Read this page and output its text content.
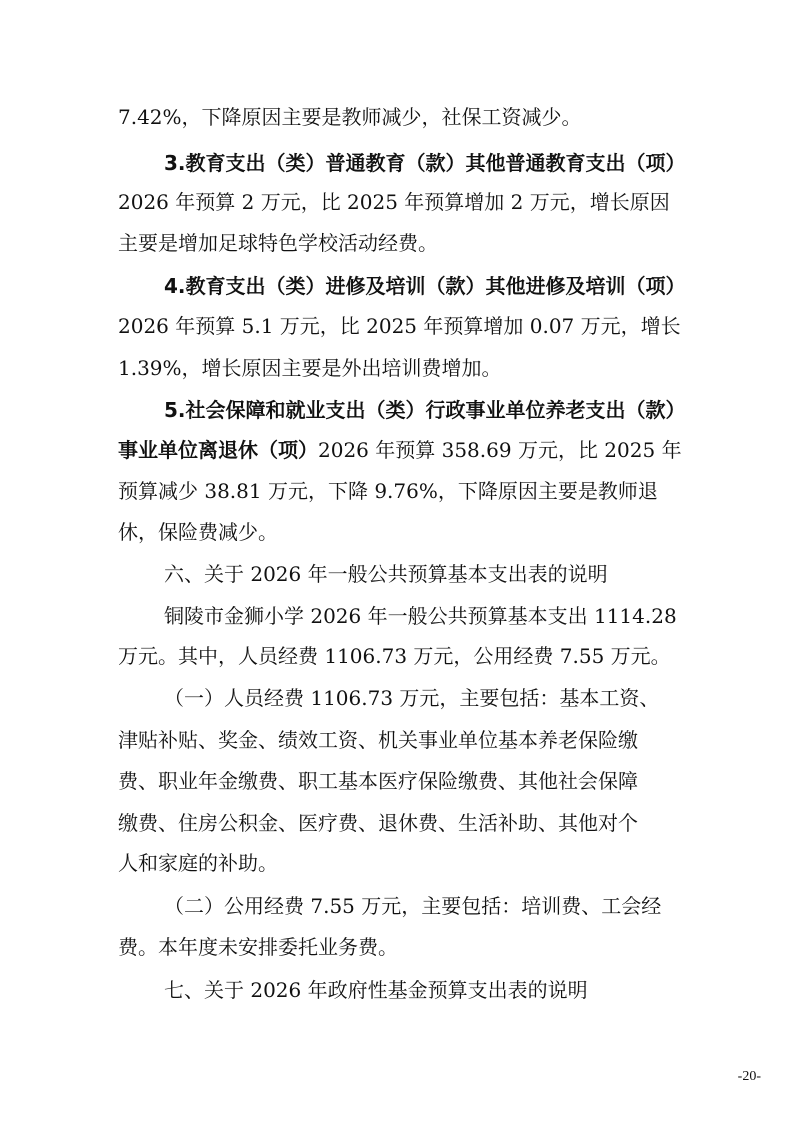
7.42%，下降原因主要是教师减少，社保工资减少。
3.教育支出（类）普通教育（款）其他普通教育支出（项）
2026 年预算 2 万元，比 2025 年预算增加 2 万元，增长原因
主要是增加足球特色学校活动经费。
4.教育支出（类）进修及培训（款）其他进修及培训（项）
2026 年预算 5.1 万元，比 2025 年预算增加 0.07 万元，增长
1.39%，增长原因主要是外出培训费增加。
5.社会保障和就业支出（类）行政事业单位养老支出（款）
事业单位离退休（项）2026 年预算 358.69 万元，比 2025 年
预算减少 38.81 万元，下降 9.76%，下降原因主要是教师退
休，保险费减少。
六、关于 2026 年一般公共预算基本支出表的说明
铜陵市金狮小学 2026 年一般公共预算基本支出 1114.28
万元。其中，人员经费 1106.73 万元，公用经费 7.55 万元。
（一）人员经费 1106.73 万元，主要包括：基本工资、
津贴补贴、奖金、绩效工资、机关事业单位基本养老保险缴
费、职业年金缴费、职工基本医疗保险缴费、其他社会保障
缴费、住房公积金、医疗费、退休费、生活补助、其他对个
人和家庭的补助。
（二）公用经费 7.55 万元，主要包括：培训费、工会经
费。本年度未安排委托业务费。
七、关于 2026 年政府性基金预算支出表的说明
-20-
